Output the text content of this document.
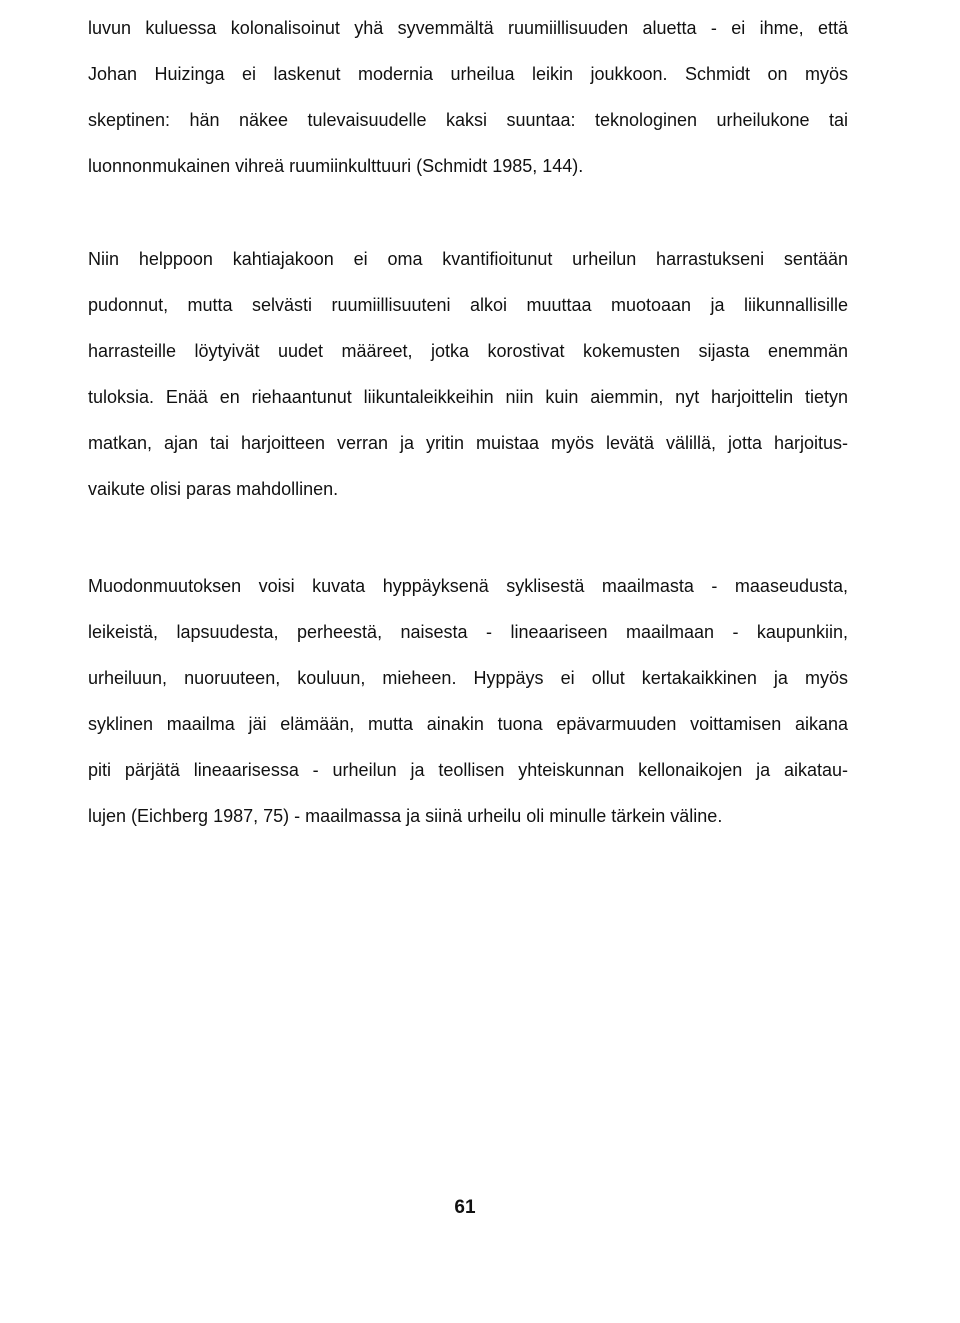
luvun kuluessa kolonalisoinut yhä syvemmältä ruumiillisuuden aluetta - ei ihme, että
Johan Huizinga ei laskenut modernia urheilua leikin joukkoon. Schmidt on myös
skeptinen: hän näkee tulevaisuudelle kaksi suuntaa: teknologinen urheilukone tai
luonnonmukainen vihreä ruumiinkulttuuri (Schmidt 1985, 144).
Niin helppoon kahtiajakoon ei oma kvantifioitunut urheilun harrastukseni sentään
pudonnut, mutta selvästi ruumiillisuuteni alkoi muuttaa muotoaan ja liikunnallisille
harrasteille löytyivät uudet määreet, jotka korostivat kokemusten sijasta enemmän
tuloksia. Enää en riehaantunut liikuntaleikkeihin niin kuin aiemmin, nyt harjoittelin tietyn
matkan, ajan tai harjoitteen verran ja yritin muistaa myös levätä välillä, jotta harjoitus-
vaikute olisi paras mahdollinen.
Muodonmuutoksen voisi kuvata hyppäyksenä syklisestä maailmasta - maaseudusta,
leikeistä, lapsuudesta, perheestä, naisesta - lineaariseen maailmaan - kaupunkiin,
urheiluun, nuoruuteen, kouluun, mieheen. Hyppäys ei ollut kertakaikkinen ja myös
syklinen maailma jäi elämään, mutta ainakin tuona epävarmuuden voittamisen aikana
piti pärjätä lineaarisessa - urheilun ja teollisen yhteiskunnan kellonaikojen ja aikatau-
lujen (Eichberg 1987, 75) - maailmassa ja siinä urheilu oli minulle tärkein väline.
61
